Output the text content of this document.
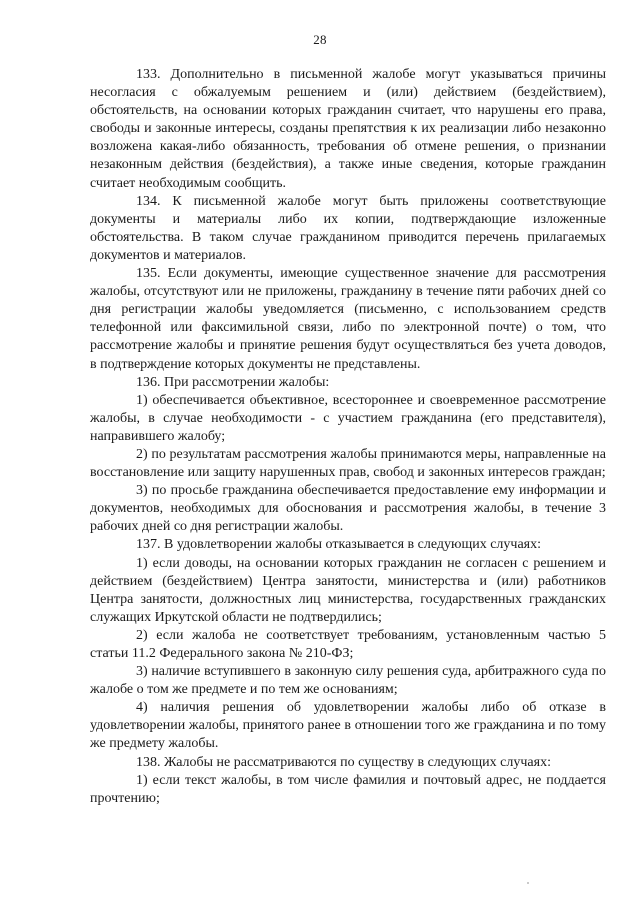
28

133. Дополнительно в письменной жалобе могут указываться причины несогласия с обжалуемым решением и (или) действием (бездействием), обстоятельств, на основании которых гражданин считает, что нарушены его права, свободы и законные интересы, созданы препятствия к их реализации либо незаконно возложена какая-либо обязанность, требования об отмене решения, о признании незаконным действия (бездействия), а также иные сведения, которые гражданин считает необходимым сообщить.

134. К письменной жалобе могут быть приложены соответствующие документы и материалы либо их копии, подтверждающие изложенные обстоятельства. В таком случае гражданином приводится перечень прилагаемых документов и материалов.

135. Если документы, имеющие существенное значение для рассмотрения жалобы, отсутствуют или не приложены, гражданину в течение пяти рабочих дней со дня регистрации жалобы уведомляется (письменно, с использованием средств телефонной или факсимильной связи, либо по электронной почте) о том, что рассмотрение жалобы и принятие решения будут осуществляться без учета доводов, в подтверждение которых документы не представлены.

136. При рассмотрении жалобы:

1) обеспечивается объективное, всестороннее и своевременное рассмотрение жалобы, в случае необходимости - с участием гражданина (его представителя), направившего жалобу;

2) по результатам рассмотрения жалобы принимаются меры, направленные на восстановление или защиту нарушенных прав, свобод и законных интересов граждан;

3) по просьбе гражданина обеспечивается предоставление ему информации и документов, необходимых для обоснования и рассмотрения жалобы, в течение 3 рабочих дней со дня регистрации жалобы.

137. В удовлетворении жалобы отказывается в следующих случаях:

1) если доводы, на основании которых гражданин не согласен с решением и действием (бездействием) Центра занятости, министерства и (или) работников Центра занятости, должностных лиц министерства, государственных гражданских служащих Иркутской области не подтвердились;

2) если жалоба не соответствует требованиям, установленным частью 5 статьи 11.2 Федерального закона № 210-ФЗ;

3) наличие вступившего в законную силу решения суда, арбитражного суда по жалобе о том же предмете и по тем же основаниям;

4) наличия решения об удовлетворении жалобы либо об отказе в удовлетворении жалобы, принятого ранее в отношении того же гражданина и по тому же предмету жалобы.

138. Жалобы не рассматриваются по существу в следующих случаях:

1) если текст жалобы, в том числе фамилия и почтовый адрес, не поддается прочтению;
